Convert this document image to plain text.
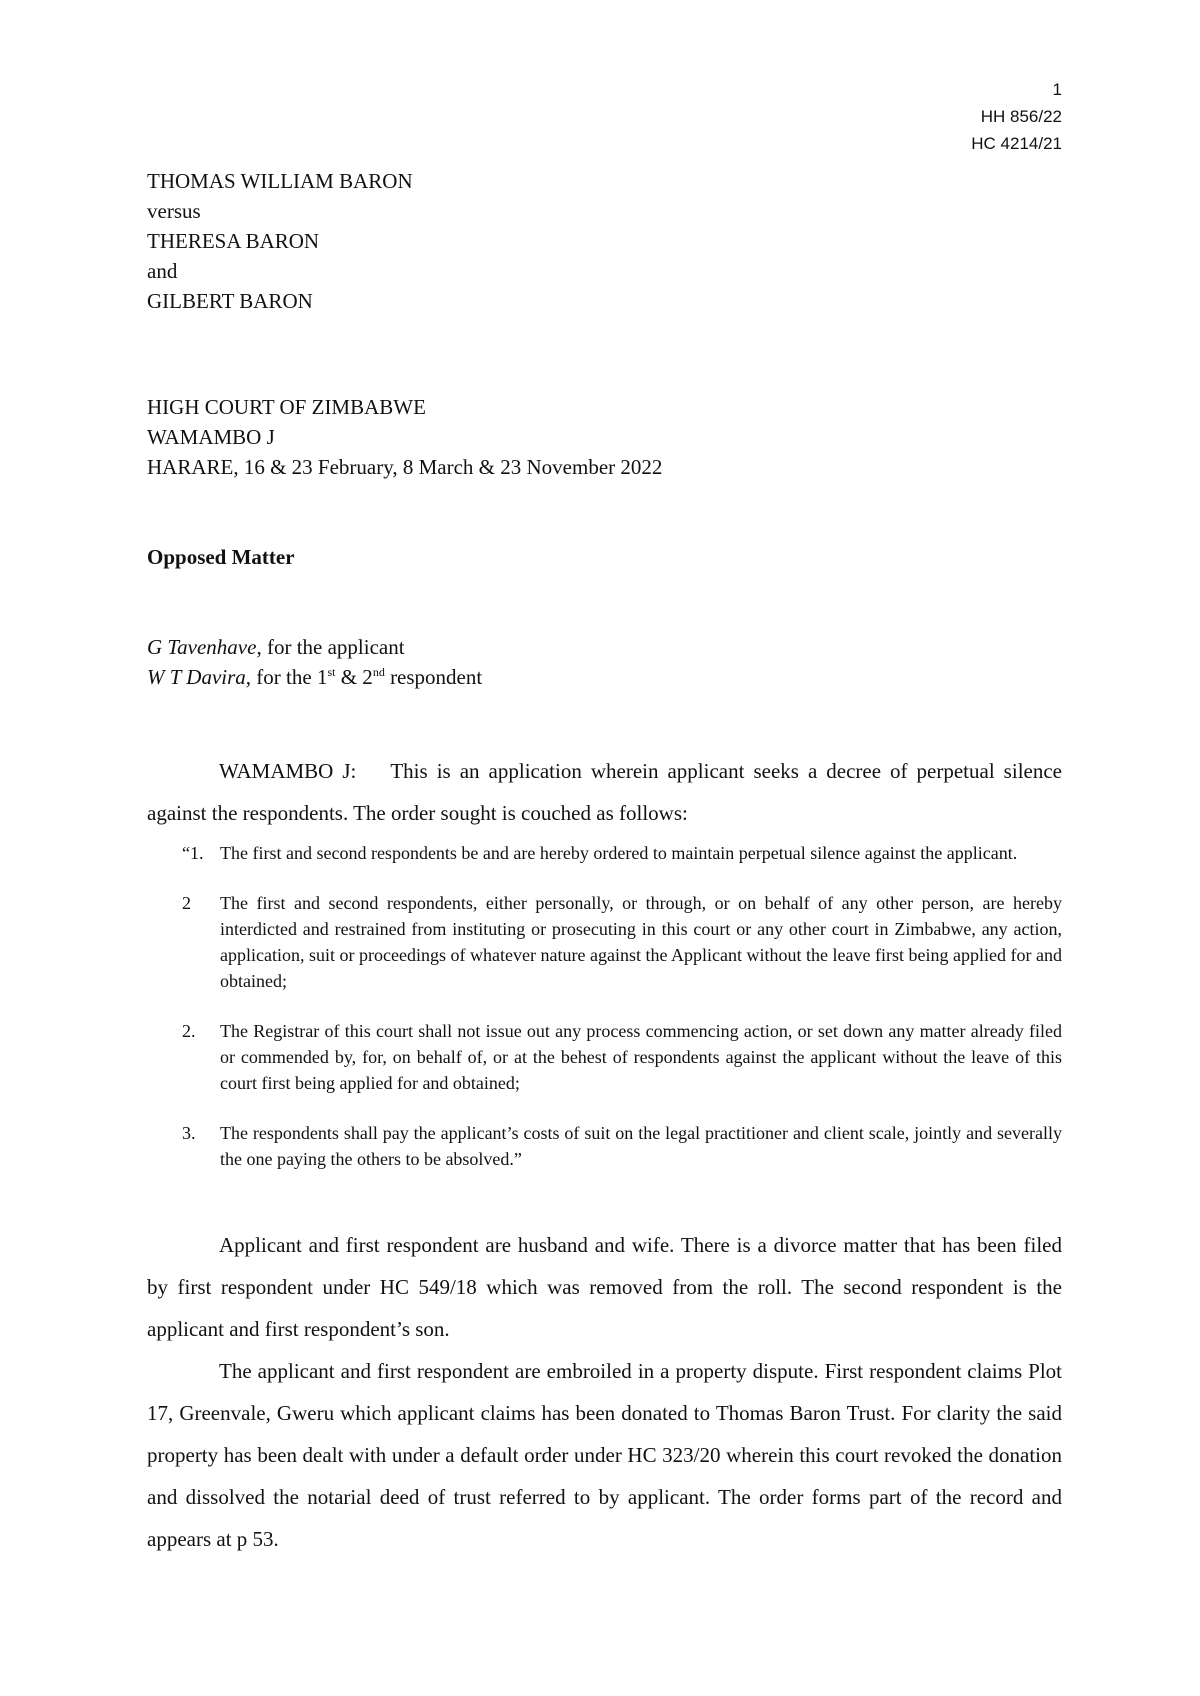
1
HH 856/22
HC 4214/21
THOMAS WILLIAM BARON
versus
THERESA BARON
and
GILBERT BARON
HIGH COURT OF ZIMBABWE
WAMAMBO J
HARARE, 16 & 23 February, 8 March & 23 November 2022
Opposed Matter
G Tavenhave, for the applicant
W T Davira, for the 1st & 2nd respondent
WAMAMBO J: This is an application wherein applicant seeks a decree of perpetual silence against the respondents. The order sought is couched as follows:
“1. The first and second respondents be and are hereby ordered to maintain perpetual silence against the applicant.
2	The first and second respondents, either personally, or through, or on behalf of any other person, are hereby interdicted and restrained from instituting or prosecuting in this court or any other court in Zimbabwe, any action, application, suit or proceedings of whatever nature against the Applicant without the leave first being applied for and obtained;
2.	The Registrar of this court shall not issue out any process commencing action, or set down any matter already filed or commended by, for, on behalf of, or at the behest of respondents against the applicant without the leave of this court first being applied for and obtained;
3.	The respondents shall pay the applicant’s costs of suit on the legal practitioner and client scale, jointly and severally the one paying the others to be absolved.”
Applicant and first respondent are husband and wife. There is a divorce matter that has been filed by first respondent under HC 549/18 which was removed from the roll. The second respondent is the applicant and first respondent’s son.
The applicant and first respondent are embroiled in a property dispute. First respondent claims Plot 17, Greenvale, Gweru which applicant claims has been donated to Thomas Baron Trust. For clarity the said property has been dealt with under a default order under HC 323/20 wherein this court revoked the donation and dissolved the notarial deed of trust referred to by applicant. The order forms part of the record and appears at p 53.
